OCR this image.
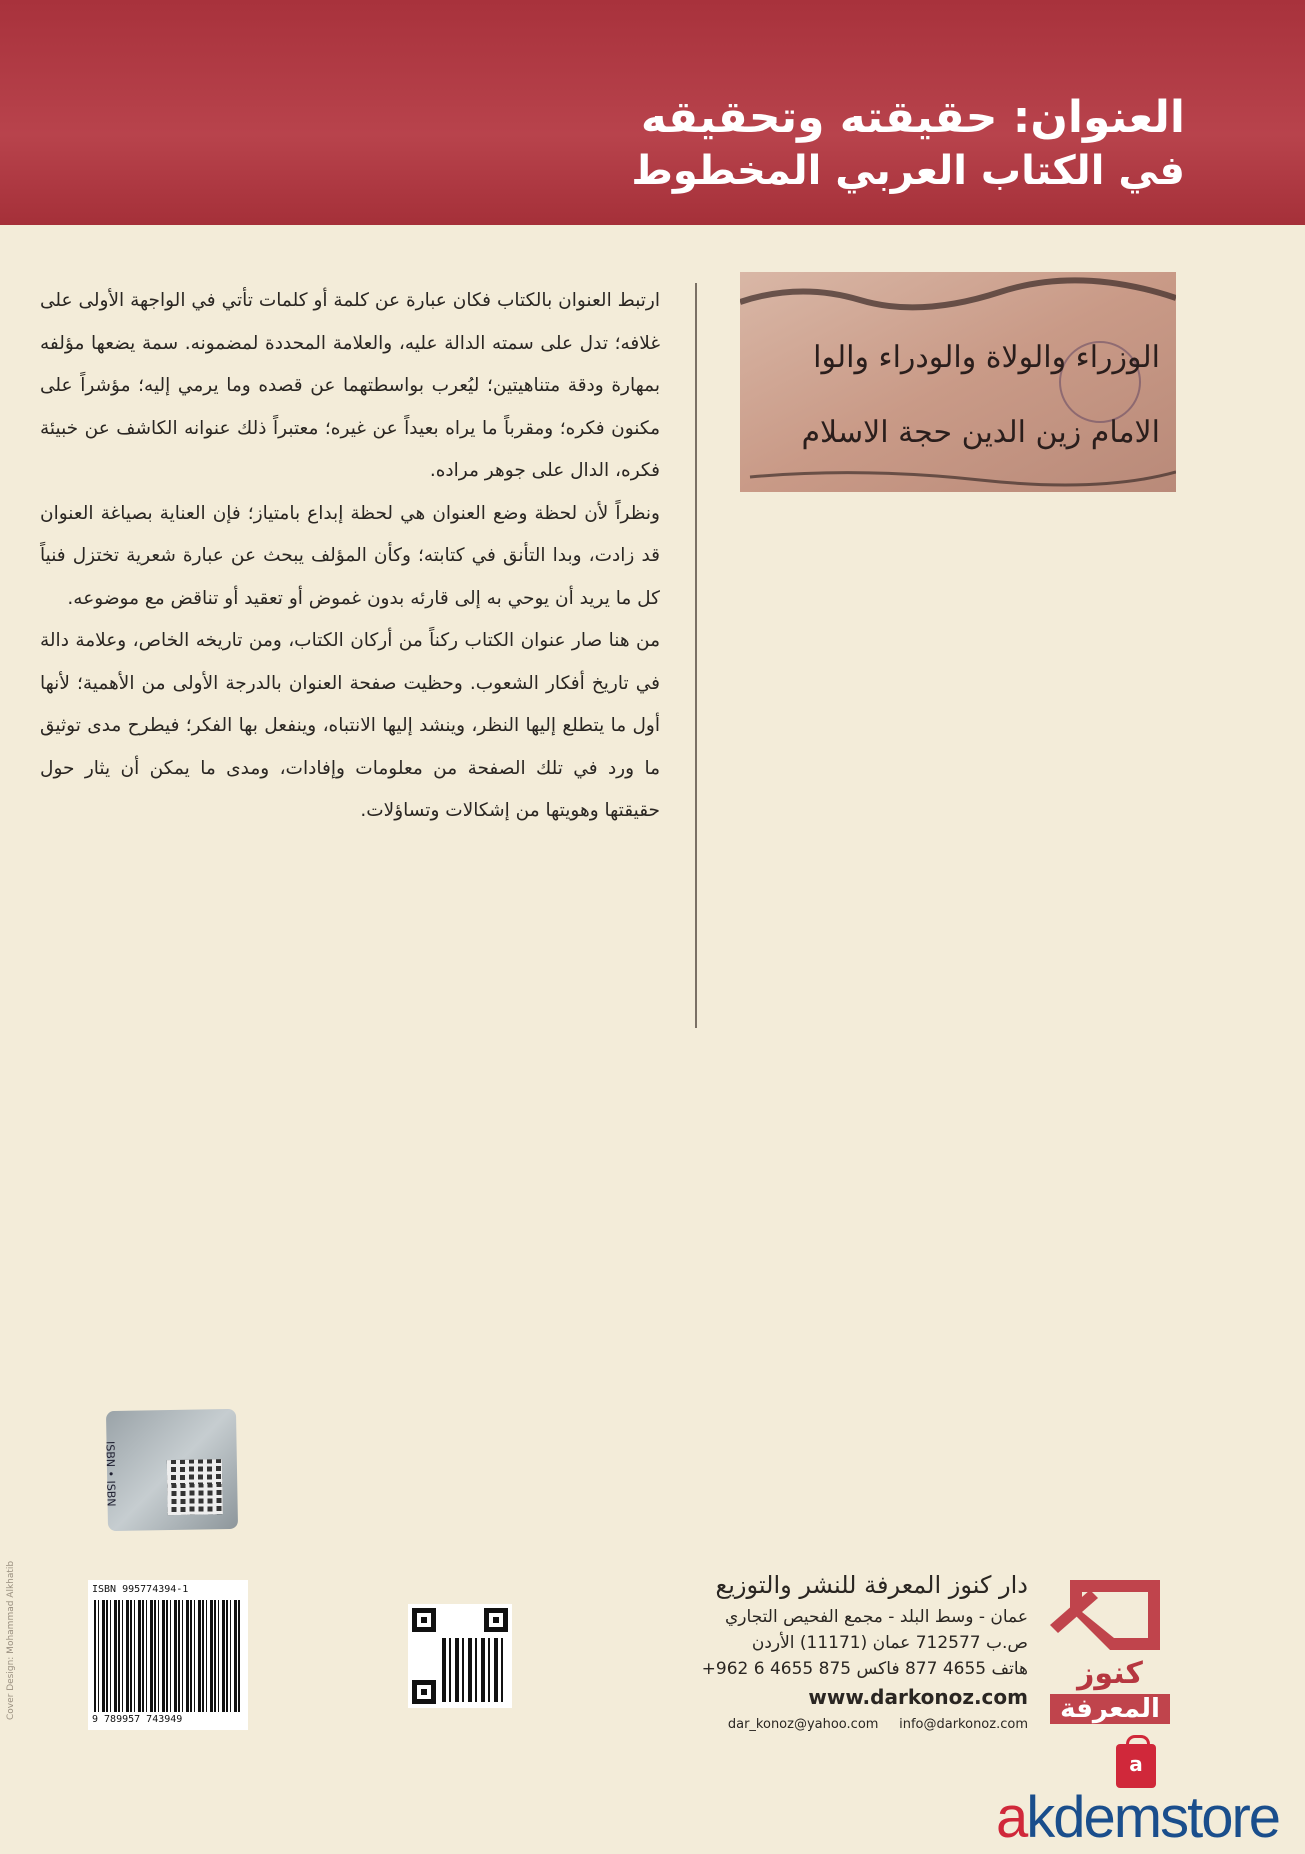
العنوان: حقيقته وتحقيقه
في الكتاب العربي المخطوط
الوزراء والولاة والودراء والوا
الامام زين الدين حجة الاسلام

ارتبط العنوان بالكتاب فكان عبارة عن كلمة أو كلمات تأتي في الواجهة الأولى على غلافه؛ تدل على سمته الدالة عليه، والعلامة المحددة لمضمونه. سمة يضعها مؤلفه بمهارة ودقة متناهيتين؛ ليُعرب بواسطتهما عن قصده وما يرمي إليه؛ مؤشراً على مكنون فكره؛ ومقرباً ما يراه بعيداً عن غيره؛ معتبراً ذلك عنوانه الكاشف عن خبيئة فكره، الدال على جوهر مراده.

ونظراً لأن لحظة وضع العنوان هي لحظة إبداع بامتياز؛ فإن العناية بصياغة العنوان قد زادت، وبدا التأنق في كتابته؛ وكأن المؤلف يبحث عن عبارة شعرية تختزل فنياً كل ما يريد أن يوحي به إلى قارئه بدون غموض أو تعقيد أو تناقض مع موضوعه.

من هنا صار عنوان الكتاب ركناً من أركان الكتاب، ومن تاريخه الخاص، وعلامة دالة في تاريخ أفكار الشعوب. وحظيت صفحة العنوان بالدرجة الأولى من الأهمية؛ لأنها أول ما يتطلع إليها النظر، وينشد إليها الانتباه، وينفعل بها الفكر؛ فيطرح مدى توثيق ما ورد في تلك الصفحة من معلومات وإفادات، ومدى ما يمكن أن يثار حول حقيقتها وهويتها من إشكالات وتساؤلات.

Cover Design: Mohammad Alkhatib
ISBN • ISBN
ISBN 995774394-1
9 789957 743949
كنوز
المعرفة
دار كنوز المعرفة للنشر والتوزيع
عمان - وسط البلد - مجمع الفحيص التجاري
ص.ب 712577 عمان (11171) الأردن
هاتف 4655 877 فاكس 875 4655 6 962+
www.darkonoz.com
dar_konoz@yahoo.com info@darkonoz.com
a
akdemstore
